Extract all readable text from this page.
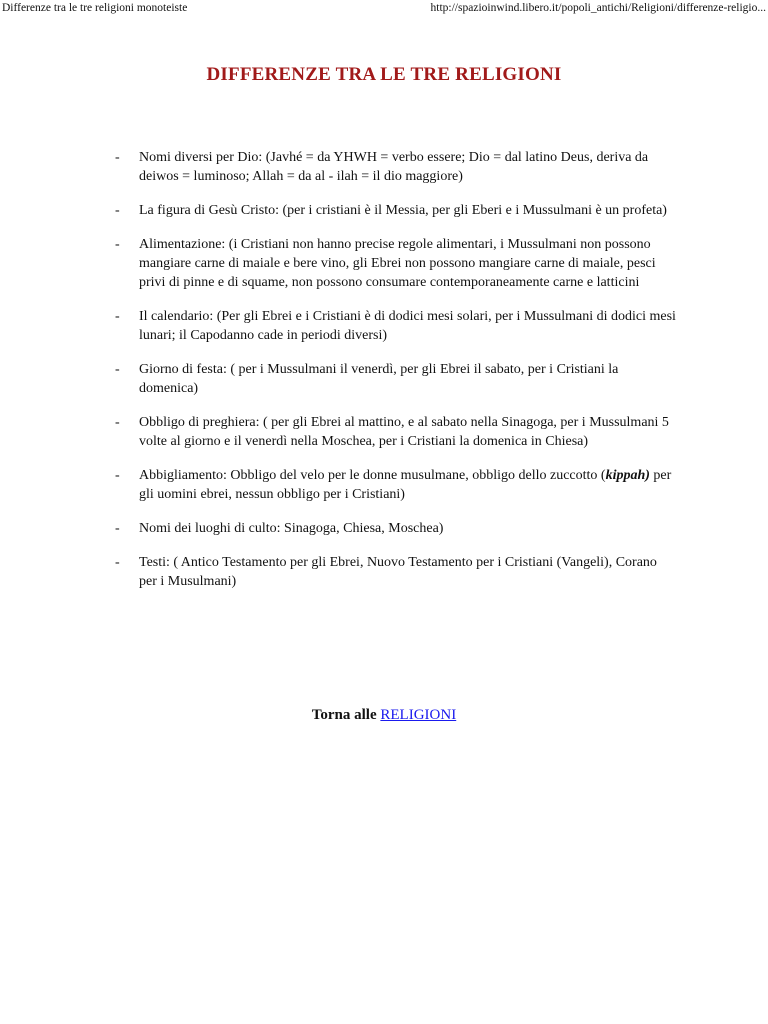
Differenze tra le tre religioni monoteiste	http://spazioinwind.libero.it/popoli_antichi/Religioni/differenze-religio...
DIFFERENZE TRA LE TRE RELIGIONI
- Nomi diversi per Dio: (Javhé = da YHWH = verbo essere; Dio = dal latino Deus, deriva da deiwos = luminoso; Allah = da al - ilah = il dio maggiore)
- La figura di Gesù Cristo: (per i cristiani è il Messia, per gli Eberi e i Mussulmani è un profeta)
- Alimentazione: (i Cristiani non hanno precise regole alimentari, i Mussulmani non possono mangiare carne di maiale e bere vino, gli Ebrei non possono mangiare carne di maiale, pesci privi di pinne e di squame, non possono consumare contemporaneamente carne e latticini
- Il calendario: (Per gli Ebrei e i Cristiani è di dodici mesi solari, per i Mussulmani di dodici mesi lunari; il Capodanno cade in periodi diversi)
- Giorno di festa: ( per i Mussulmani il venerdì, per gli Ebrei il sabato, per i Cristiani la domenica)
- Obbligo di preghiera: ( per gli Ebrei al mattino, e al sabato nella Sinagoga, per i Mussulmani 5 volte al giorno e il venerdì nella Moschea, per i Cristiani la domenica in Chiesa)
- Abbigliamento: Obbligo del velo per le donne musulmane, obbligo dello zuccotto (kippah) per gli uomini ebrei, nessun obbligo per i Cristiani)
- Nomi dei luoghi di culto: Sinagoga, Chiesa, Moschea)
- Testi: ( Antico Testamento per gli Ebrei, Nuovo Testamento per i Cristiani (Vangeli), Corano per i Musulmani)
Torna alle RELIGIONI
